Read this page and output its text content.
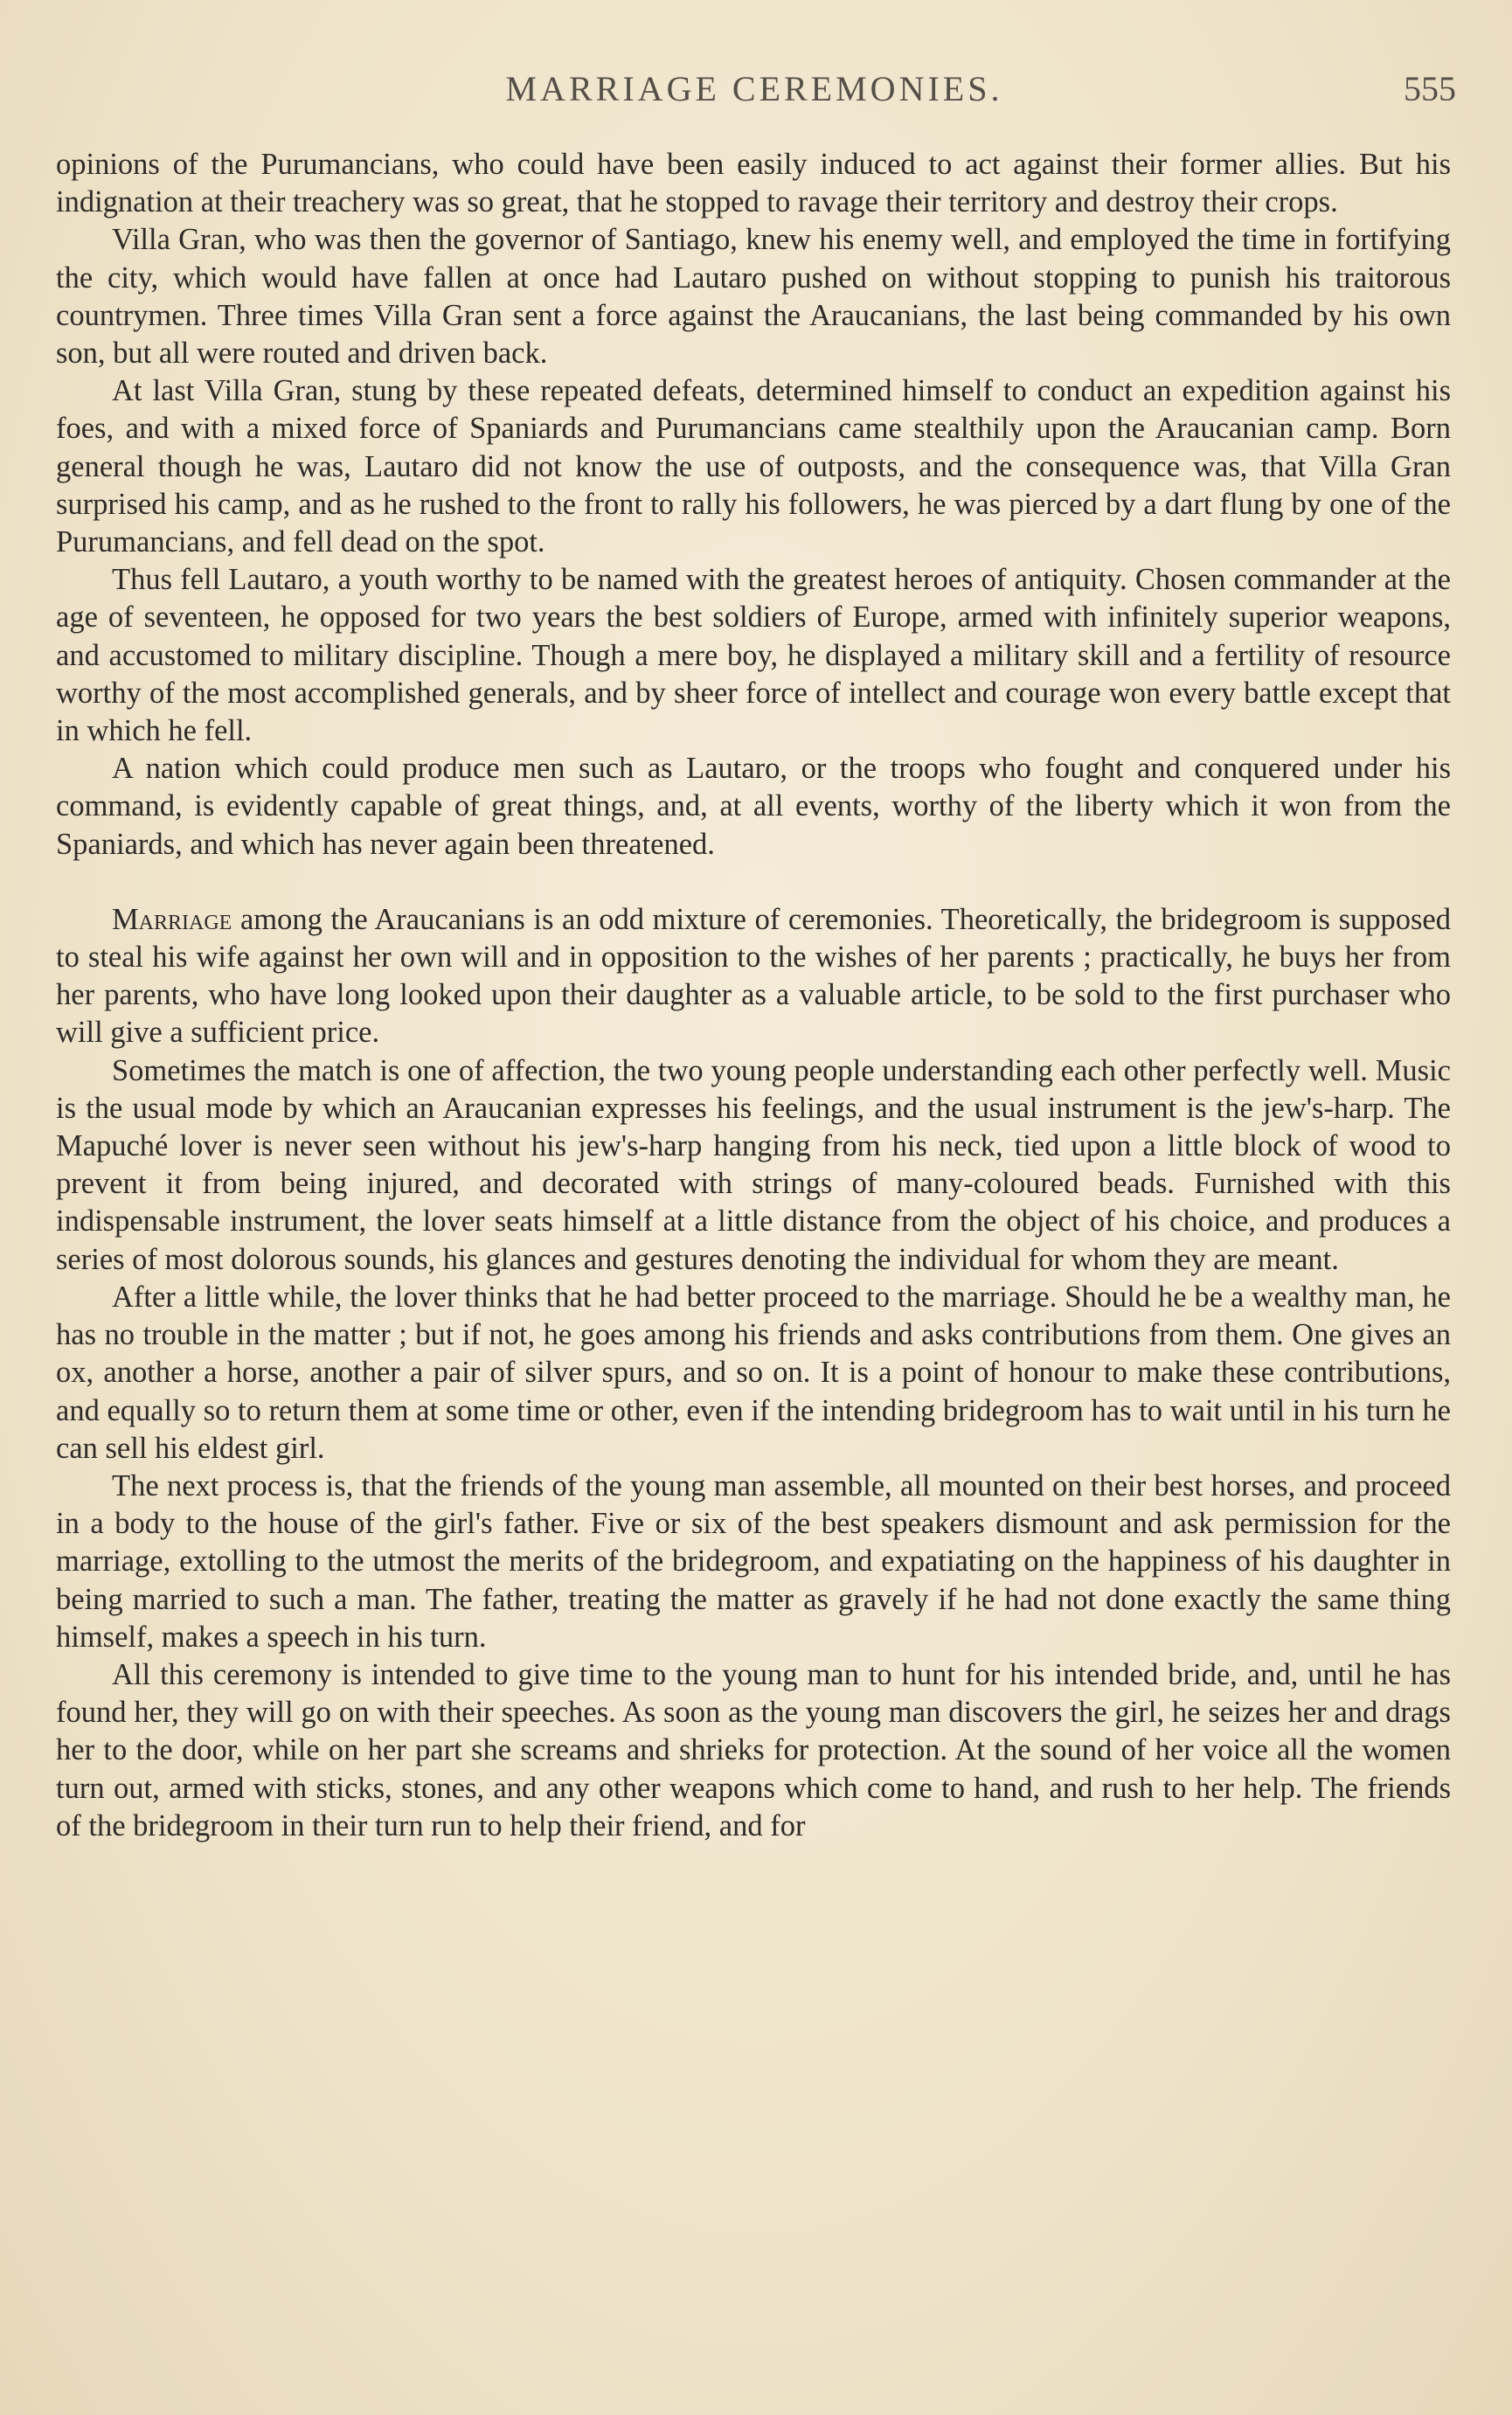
MARRIAGE CEREMONIES.	555

opinions of the Purumancians, who could have been easily induced to act against their former allies. But his indignation at their treachery was so great, that he stopped to ravage their territory and destroy their crops.

Villa Gran, who was then the governor of Santiago, knew his enemy well, and employed the time in fortifying the city, which would have fallen at once had Lautaro pushed on without stopping to punish his traitorous countrymen. Three times Villa Gran sent a force against the Araucanians, the last being commanded by his own son, but all were routed and driven back.

At last Villa Gran, stung by these repeated defeats, determined himself to conduct an expedition against his foes, and with a mixed force of Spaniards and Purumancians came stealthily upon the Araucanian camp. Born general though he was, Lautaro did not know the use of outposts, and the consequence was, that Villa Gran surprised his camp, and as he rushed to the front to rally his followers, he was pierced by a dart flung by one of the Purumancians, and fell dead on the spot.

Thus fell Lautaro, a youth worthy to be named with the greatest heroes of antiquity. Chosen commander at the age of seventeen, he opposed for two years the best soldiers of Europe, armed with infinitely superior weapons, and accustomed to military discipline. Though a mere boy, he displayed a military skill and a fertility of resource worthy of the most accomplished generals, and by sheer force of intellect and courage won every battle except that in which he fell.

A nation which could produce men such as Lautaro, or the troops who fought and conquered under his command, is evidently capable of great things, and, at all events, worthy of the liberty which it won from the Spaniards, and which has never again been threatened.

Marriage among the Araucanians is an odd mixture of ceremonies. Theoretically, the bridegroom is supposed to steal his wife against her own will and in opposition to the wishes of her parents ; practically, he buys her from her parents, who have long looked upon their daughter as a valuable article, to be sold to the first purchaser who will give a sufficient price.

Sometimes the match is one of affection, the two young people understanding each other perfectly well. Music is the usual mode by which an Araucanian expresses his feelings, and the usual instrument is the jew's-harp. The Mapuché lover is never seen without his jew's-harp hanging from his neck, tied upon a little block of wood to prevent it from being injured, and decorated with strings of many-coloured beads. Furnished with this indispensable instrument, the lover seats himself at a little distance from the object of his choice, and produces a series of most dolorous sounds, his glances and gestures denoting the individual for whom they are meant.

After a little while, the lover thinks that he had better proceed to the marriage. Should he be a wealthy man, he has no trouble in the matter ; but if not, he goes among his friends and asks contributions from them. One gives an ox, another a horse, another a pair of silver spurs, and so on. It is a point of honour to make these contributions, and equally so to return them at some time or other, even if the intending bridegroom has to wait until in his turn he can sell his eldest girl.

The next process is, that the friends of the young man assemble, all mounted on their best horses, and proceed in a body to the house of the girl's father. Five or six of the best speakers dismount and ask permission for the marriage, extolling to the utmost the merits of the bridegroom, and expatiating on the happiness of his daughter in being married to such a man. The father, treating the matter as gravely if he had not done exactly the same thing himself, makes a speech in his turn.

All this ceremony is intended to give time to the young man to hunt for his intended bride, and, until he has found her, they will go on with their speeches. As soon as the young man discovers the girl, he seizes her and drags her to the door, while on her part she screams and shrieks for protection. At the sound of her voice all the women turn out, armed with sticks, stones, and any other weapons which come to hand, and rush to her help. The friends of the bridegroom in their turn run to help their friend, and for
